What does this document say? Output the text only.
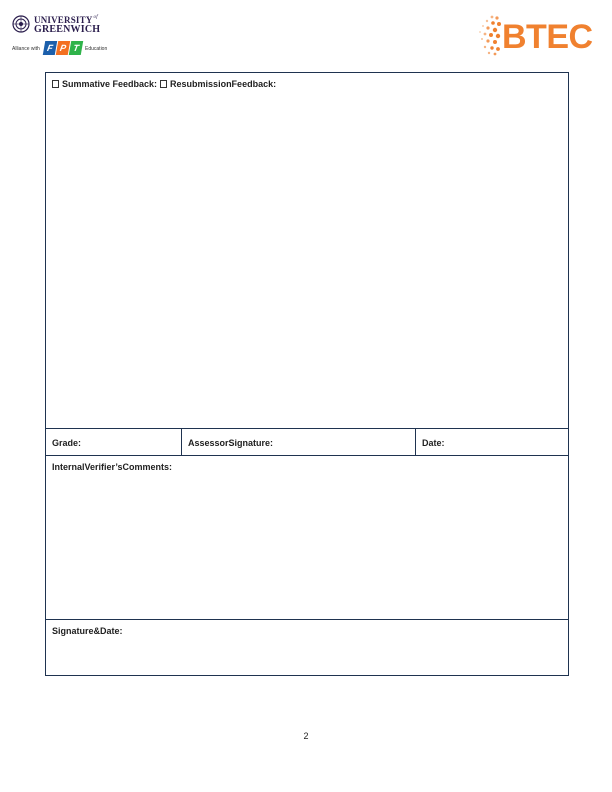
$UNIVERSITY^{of}$
GREENWICH
Alliance with F P T	Education	BTEC
Summative Feedback: ResubmissionFeedback:
Grade:	AssessorSignature:	Date:
InternalVerifier’sComments:
Signature&Date:
2
